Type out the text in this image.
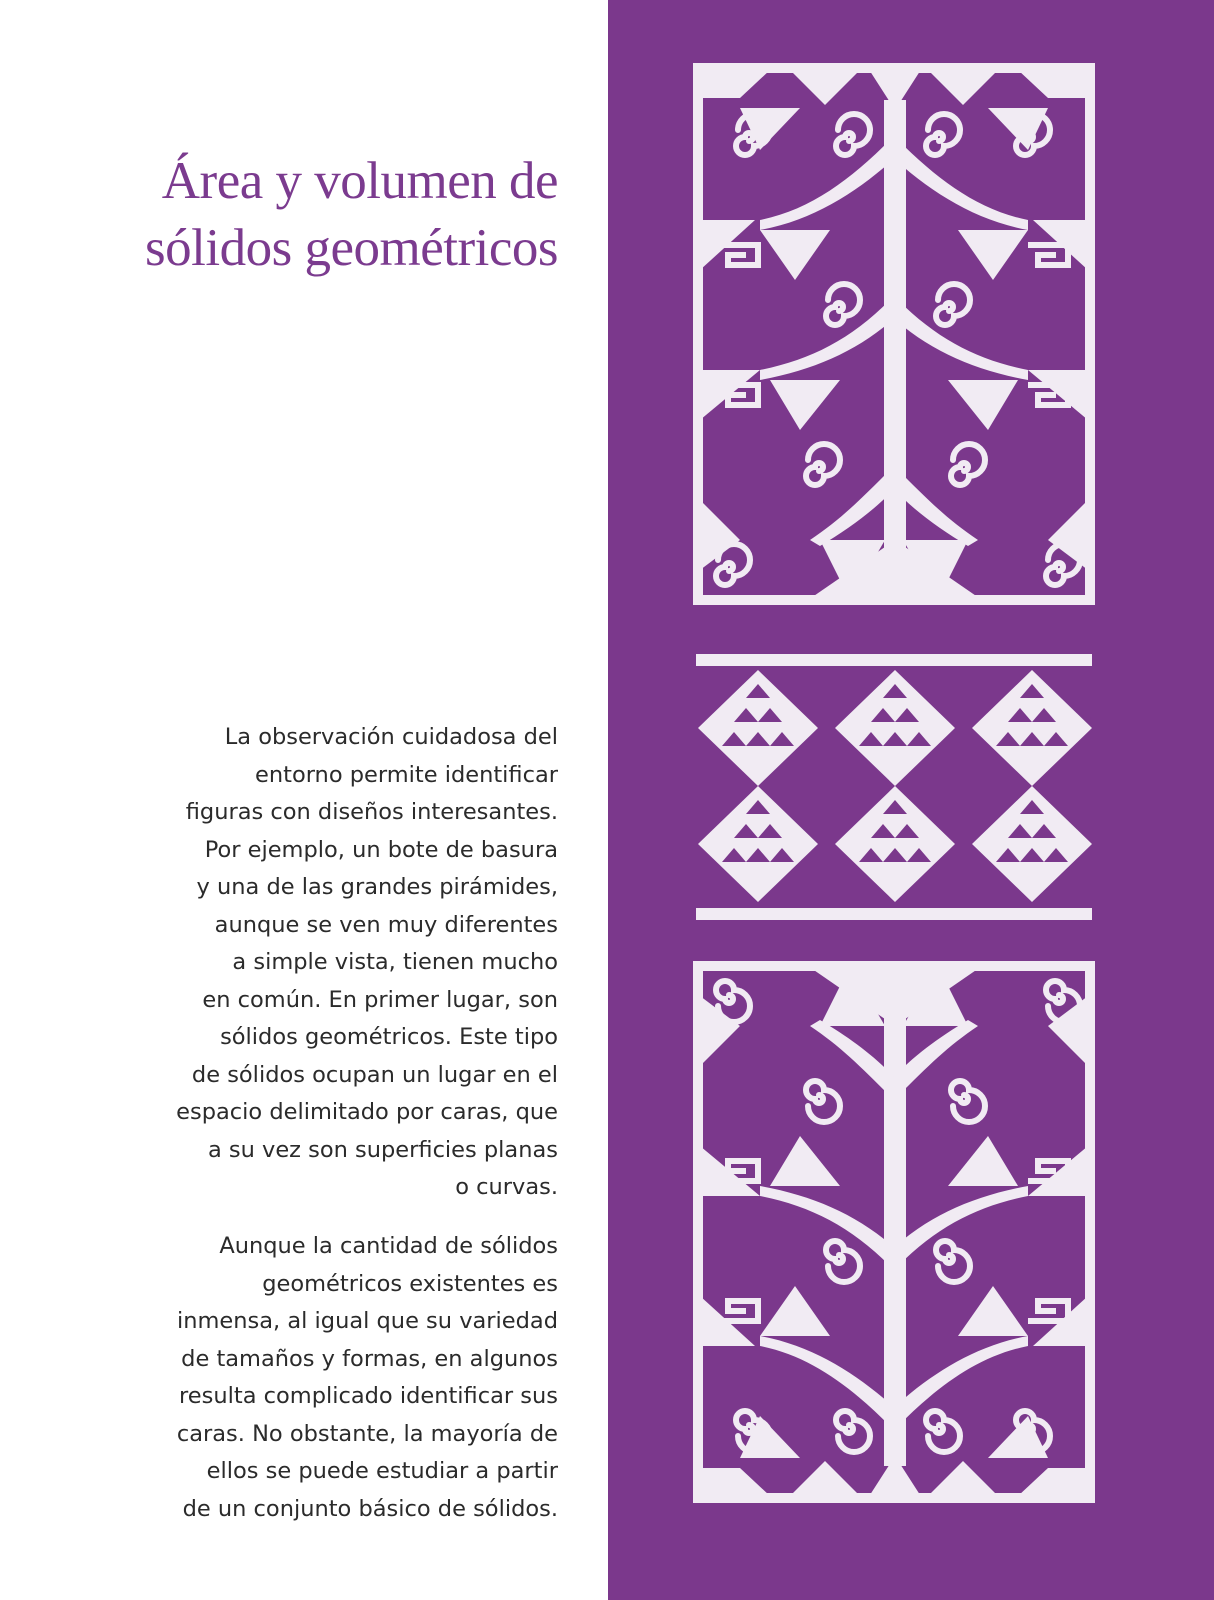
Área y volumen de
sólidos geométricos

La observación cuidadosa del
entorno permite identificar
figuras con diseños interesantes.
Por ejemplo, un bote de basura
y una de las grandes pirámides,
aunque se ven muy diferentes
a simple vista, tienen mucho
en común. En primer lugar, son
sólidos geométricos. Este tipo
de sólidos ocupan un lugar en el
espacio delimitado por caras, que
a su vez son superficies planas
o curvas.

Aunque la cantidad de sólidos
geométricos existentes es
inmensa, al igual que su variedad
de tamaños y formas, en algunos
resulta complicado identificar sus
caras. No obstante, la mayoría de
ellos se puede estudiar a partir
de un conjunto básico de sólidos.
